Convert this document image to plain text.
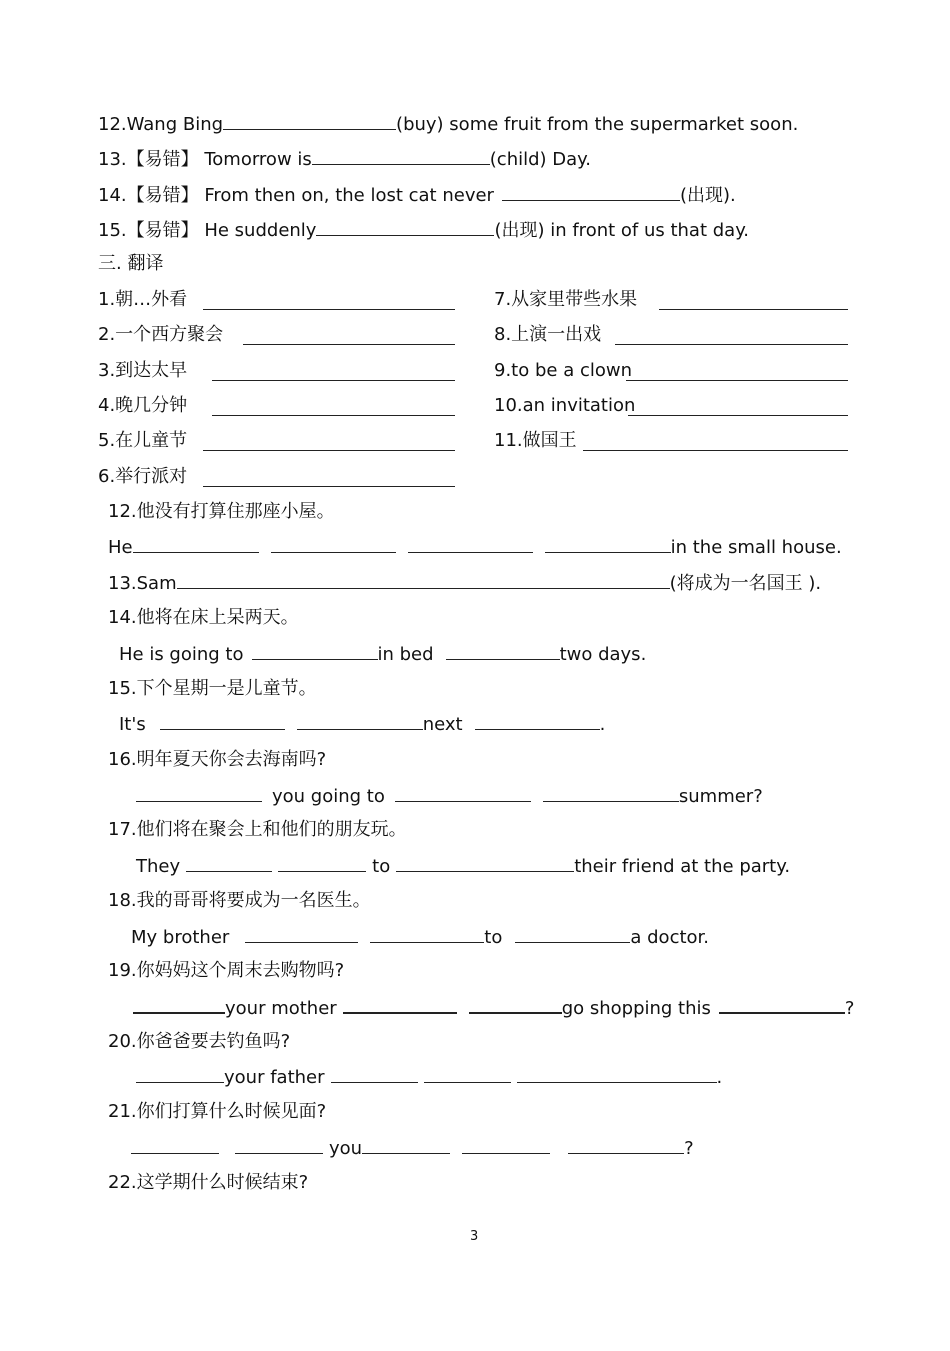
12.Wang Bing	(buy) some fruit from the supermarket soon.
13.【易错】 Tomorrow is	(child) Day.
14.【易错】 From then on, the lost cat never	(出现).
15.【易错】 He suddenly	(出现) in front of us that day.
三. 翻译
1.朝…外看
2.一个西方聚会
3.到达太早
4.晚几分钟
5.在儿童节
6.举行派对
7.从家里带些水果
8.上演一出戏
9.to be a clown
10.an invitation
11.做国王
12.他没有打算住那座小屋。
He	in the small house.
13.Sam	(将成为一名国王 ).
14.他将在床上呆两天。
He is going to	in bed	two days.
15.下个星期一是儿童节。
It's	next	.
16.明年夏天你会去海南吗?
you going to	summer?
17.他们将在聚会上和他们的朋友玩。
They	to	their friend at the party.
18.我的哥哥将要成为一名医生。
My brother	to	a doctor.
19.你妈妈这个周末去购物吗?
your mother	go shopping this	?
20.你爸爸要去钓鱼吗?
your father	.
21.你们打算什么时候见面?
you	?
22.这学期什么时候结束?
3
